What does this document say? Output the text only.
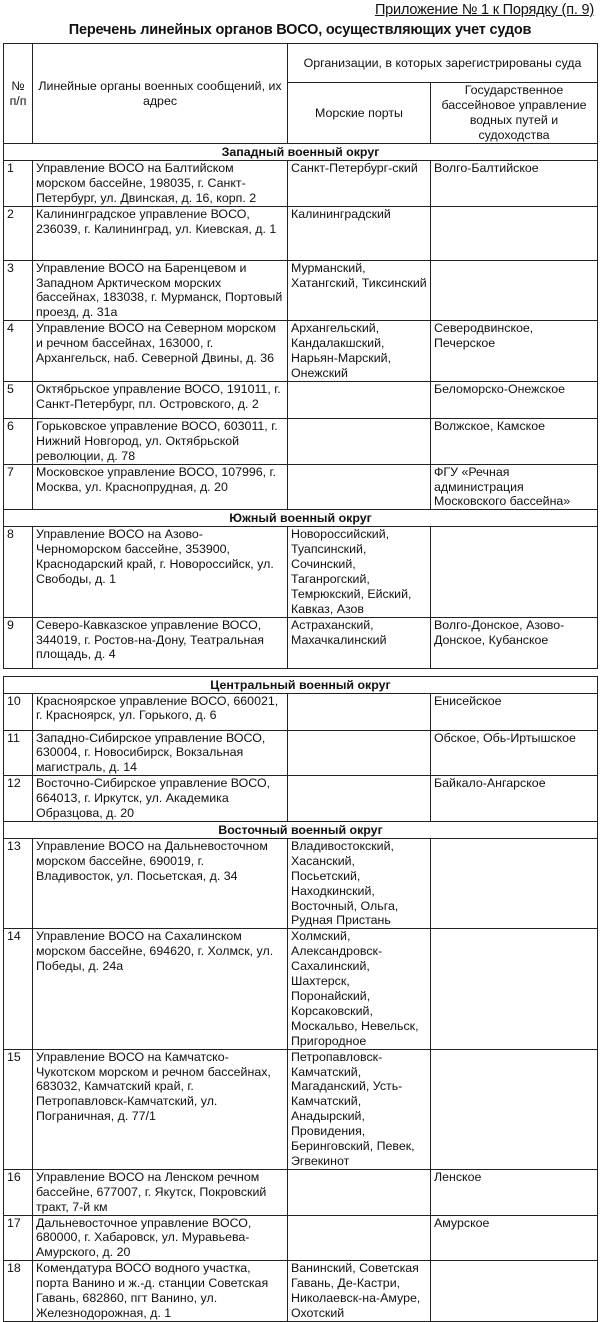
Приложение № 1 к Порядку (п. 9)
Перечень линейных органов ВОСО, осуществляющих учет судов
№ п/п	Линейные органы военных сообщений, их адрес	Организации, в которых зарегистрированы суда	
		Морские порты	Государственное бассейновое управление водных путей и судоходства
Западный военный округ			
1	Управление ВОСО на Балтийском морском бассейне, 198035, г. Санкт-Петербург, ул. Двинская, д. 16, корп. 2	Санкт-Петербург-ский	Волго-Балтийское
2	Калининградское управление ВОСО, 236039, г. Калининград, ул. Киевская, д. 1	Калининградский	
3	Управление ВОСО на Баренцевом и Западном Арктическом морских бассейнах, 183038, г. Мурманск, Портовый проезд, д. 31а	Мурманский, Хатангский, Тиксинский	
4	Управление ВОСО на Северном морском и речном бассейнах, 163000, г. Архангельск, наб. Северной Двины, д. 36	Архангельский, Кандалакшский, Нарьян-Марский, Онежский	Северодвинское, Печерское
5	Октябрьское управление ВОСО, 191011, г. Санкт-Петербург, пл. Островского, д. 2		Беломорско-Онежское
6	Горьковское управление ВОСО, 603011, г. Нижний Новгород, ул. Октябрьской революции, д. 78		Волжское, Камское
7	Московское управление ВОСО, 107996, г. Москва, ул. Краснопрудная, д. 20		ФГУ «Речная администрация Московского бассейна»
Южный военный округ			
8	Управление ВОСО на Азово-Черноморском бассейне, 353900, Краснодарский край, г. Новороссийск, ул. Свободы, д. 1	Новороссийский, Туапсинский, Сочинский, Таганрогский, Темрюкский, Ейский, Кавказ, Азов	
9	Северо-Кавказское управление ВОСО, 344019, г. Ростов-на-Дону, Театральная площадь, д. 4	Астраханский, Махачкалинский	Волго-Донское, Азово-Донское, Кубанское

Центральный военный округ			
10	Красноярское управление ВОСО, 660021, г. Красноярск, ул. Горького, д. 6		Енисейское
11	Западно-Сибирское управление ВОСО, 630004, г. Новосибирск, Вокзальная магистраль, д. 14		Обское, Обь-Иртышское
12	Восточно-Сибирское управление ВОСО, 664013, г. Иркутск, ул. Академика Образцова, д. 20		Байкало-Ангарское
Восточный военный округ			
13	Управление ВОСО на Дальневосточном морском бассейне, 690019, г. Владивосток, ул. Посьетская, д. 34	Владивостокский, Хасанский, Посьетский, Находкинский, Восточный, Ольга, Рудная Пристань	
14	Управление ВОСО на Сахалинском морском бассейне, 694620, г. Холмск, ул. Победы, д. 24а	Холмский, Александровск-Сахалинский, Шахтерск, Поронайский, Корсаковский, Москальво, Невельск, Пригородное	
15	Управление ВОСО на Камчатско-Чукотском морском и речном бассейнах, 683032, Камчатский край, г. Петропавловск-Камчатский, ул. Пограничная, д. 77/1	Петропавловск-Камчатский, Магаданский, Усть-Камчатский, Анадырский, Провидения, Беринговский, Певек, Эгвекинот	
16	Управление ВОСО на Ленском речном бассейне, 677007, г. Якутск, Покровский тракт, 7-й км		Ленское
17	Дальневосточное управление ВОСО, 680000, г. Хабаровск, ул. Муравьева-Амурского, д. 20		Амурское
18	Комендатура ВОСО водного участка, порта Ванино и ж.-д. станции Советская Гавань, 682860, пгт Ванино, ул. Железнодорожная, д. 1	Ванинский, Советская Гавань, Де-Кастри, Николаевск-на-Амуре, Охотский	
